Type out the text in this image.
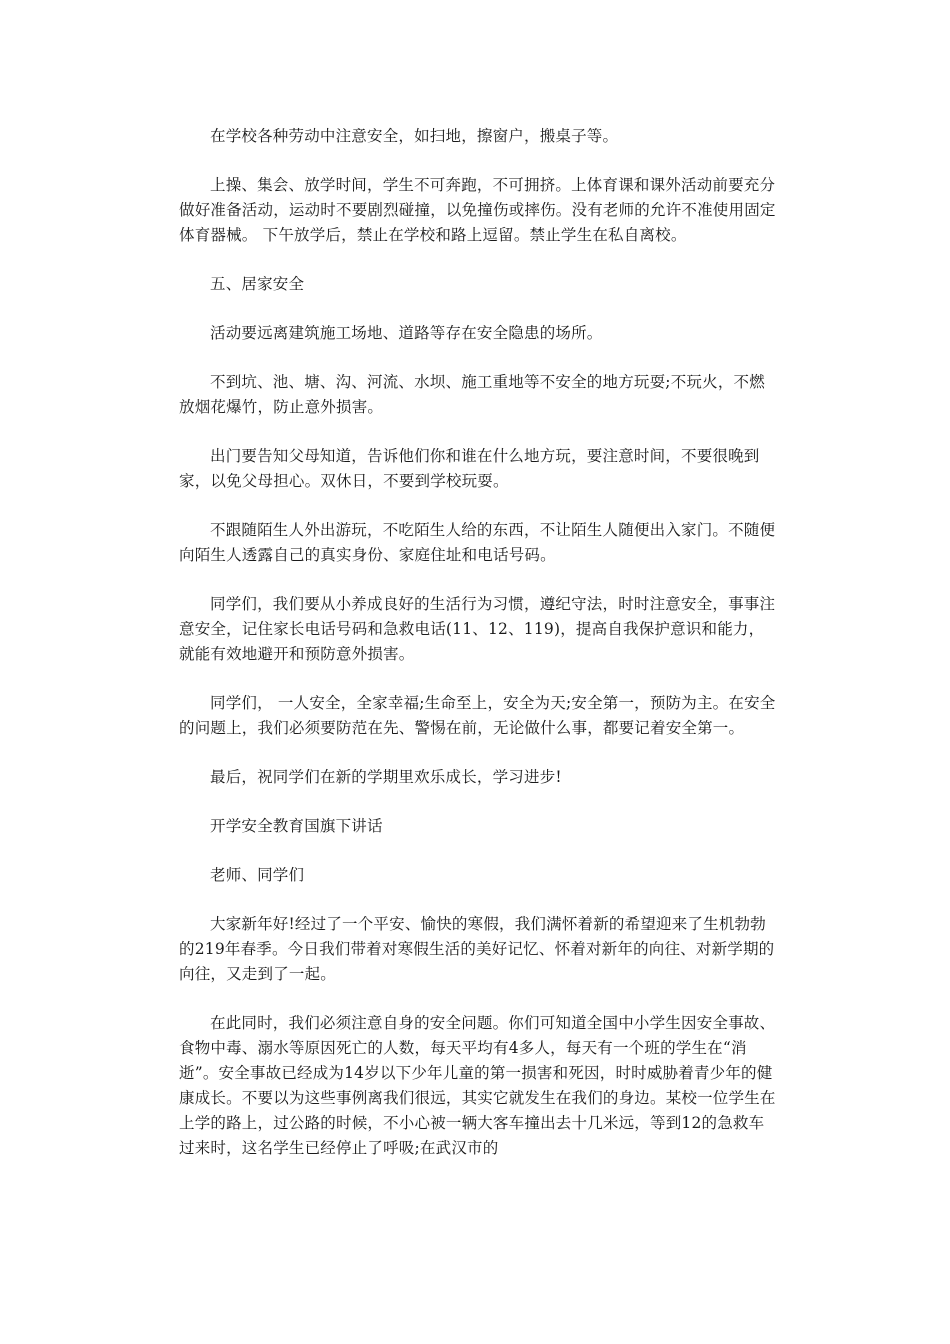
在学校各种劳动中注意安全，如扫地，擦窗户，搬桌子等。

上操、集会、放学时间，学生不可奔跑，不可拥挤。上体育课和课外活动前要充分做好准备活动，运动时不要剧烈碰撞，以免撞伤或摔伤。没有老师的允许不准使用固定体育器械。 下午放学后，禁止在学校和路上逗留。禁止学生在私自离校。

五、居家安全

活动要远离建筑施工场地、道路等存在安全隐患的场所。

不到坑、池、塘、沟、河流、水坝、施工重地等不安全的地方玩耍;不玩火，不燃放烟花爆竹，防止意外损害。

出门要告知父母知道，告诉他们你和谁在什么地方玩，要注意时间，不要很晚到家，以免父母担心。双休日，不要到学校玩耍。

不跟随陌生人外出游玩，不吃陌生人给的东西，不让陌生人随便出入家门。不随便向陌生人透露自己的真实身份、家庭住址和电话号码。

同学们，我们要从小养成良好的生活行为习惯，遵纪守法，时时注意安全，事事注意安全，记住家长电话号码和急救电话(11、12、119)，提高自我保护意识和能力，就能有效地避开和预防意外损害。

同学们， 一人安全，全家幸福;生命至上，安全为天;安全第一，预防为主。在安全的问题上，我们必须要防范在先、警惕在前，无论做什么事，都要记着安全第一。

最后，祝同学们在新的学期里欢乐成长，学习进步!

开学安全教育国旗下讲话

老师、同学们

大家新年好!经过了一个平安、愉快的寒假，我们满怀着新的希望迎来了生机勃勃的219年春季。今日我们带着对寒假生活的美好记忆、怀着对新年的向往、对新学期的向往，又走到了一起。

在此同时，我们必须注意自身的安全问题。你们可知道全国中小学生因安全事故、食物中毒、溺水等原因死亡的人数，每天平均有4多人，每天有一个班的学生在“消逝”。安全事故已经成为14岁以下少年儿童的第一损害和死因，时时威胁着青少年的健康成长。不要以为这些事例离我们很远，其实它就发生在我们的身边。某校一位学生在上学的路上，过公路的时候，不小心被一辆大客车撞出去十几米远，等到12的急救车过来时，这名学生已经停止了呼吸;在武汉市的
